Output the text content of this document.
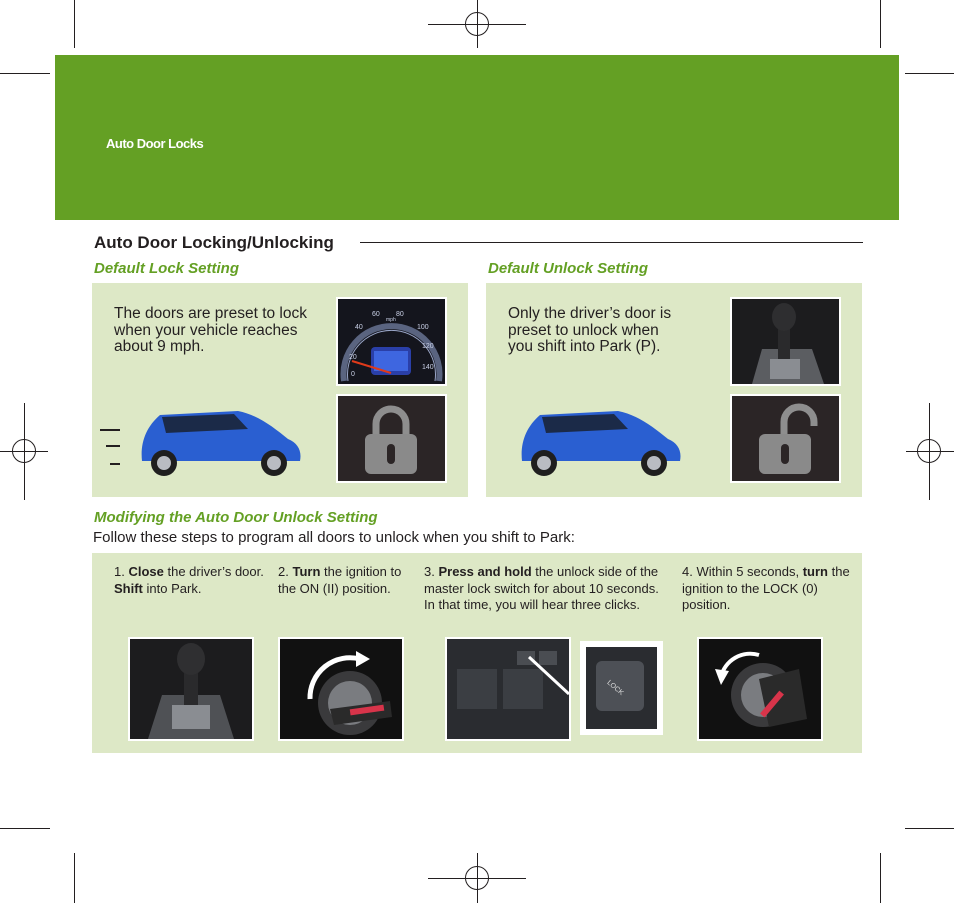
Auto Door Locks
Auto Door Locking/Unlocking
Default Lock Setting
The doors are preset to lock when your vehicle reaches about 9 mph.
20
40
60 80
100
120
140
0
mph
Default Unlock Setting
Only the driver’s door is preset to unlock when you shift into Park (P).
Modifying the Auto Door Unlock Setting
Follow these steps to program all doors to unlock when you shift to Park:
1. Close the driver’s door. Shift into Park.
2. Turn the ignition to the ON (II) position.
3. Press and hold the unlock side of the master lock switch for about 10 seconds. In that time, you will hear three clicks.
4. Within 5 seconds, turn the ignition to the LOCK (0) position.
LOCK
